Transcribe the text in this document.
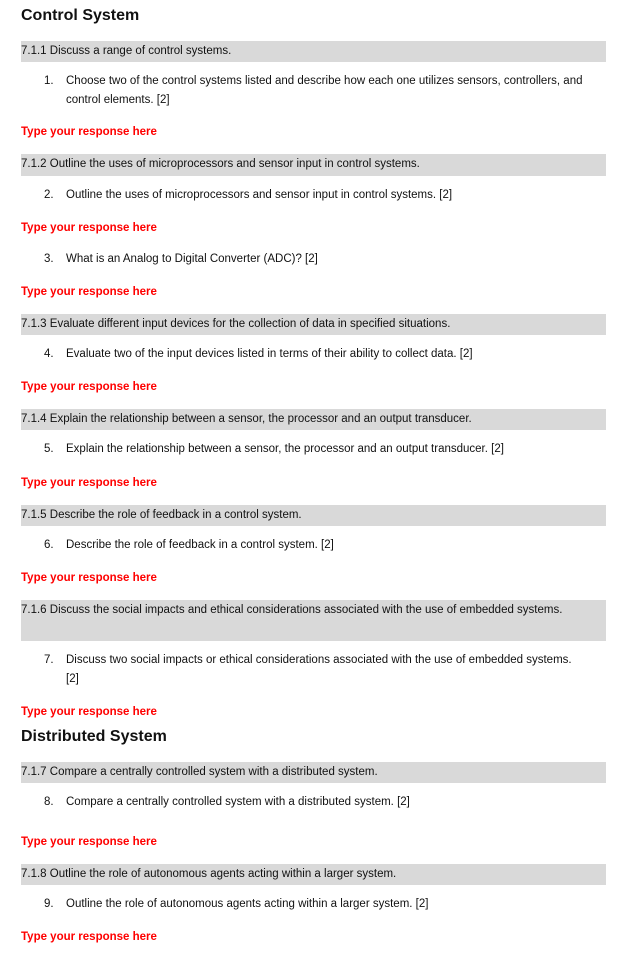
Control System
7.1.1 Discuss a range of control systems.
1. Choose two of the control systems listed and describe how each one utilizes sensors, controllers, and control elements. [2]
Type your response here
7.1.2 Outline the uses of microprocessors and sensor input in control systems.
2. Outline the uses of microprocessors and sensor input in control systems. [2]
Type your response here
3. What is an Analog to Digital Converter (ADC)? [2]
Type your response here
7.1.3 Evaluate different input devices for the collection of data in specified situations.
4. Evaluate two of the input devices listed in terms of their ability to collect data. [2]
Type your response here
7.1.4 Explain the relationship between a sensor, the processor and an output transducer.
5. Explain the relationship between a sensor, the processor and an output transducer. [2]
Type your response here
7.1.5 Describe the role of feedback in a control system.
6. Describe the role of feedback in a control system. [2]
Type your response here
7.1.6 Discuss the social impacts and ethical considerations associated with the use of embedded systems.
7. Discuss two social impacts or ethical considerations associated with the use of embedded systems. [2]
Type your response here
Distributed System
7.1.7 Compare a centrally controlled system with a distributed system.
8. Compare a centrally controlled system with a distributed system. [2]
Type your response here
7.1.8 Outline the role of autonomous agents acting within a larger system.
9. Outline the role of autonomous agents acting within a larger system. [2]
Type your response here
